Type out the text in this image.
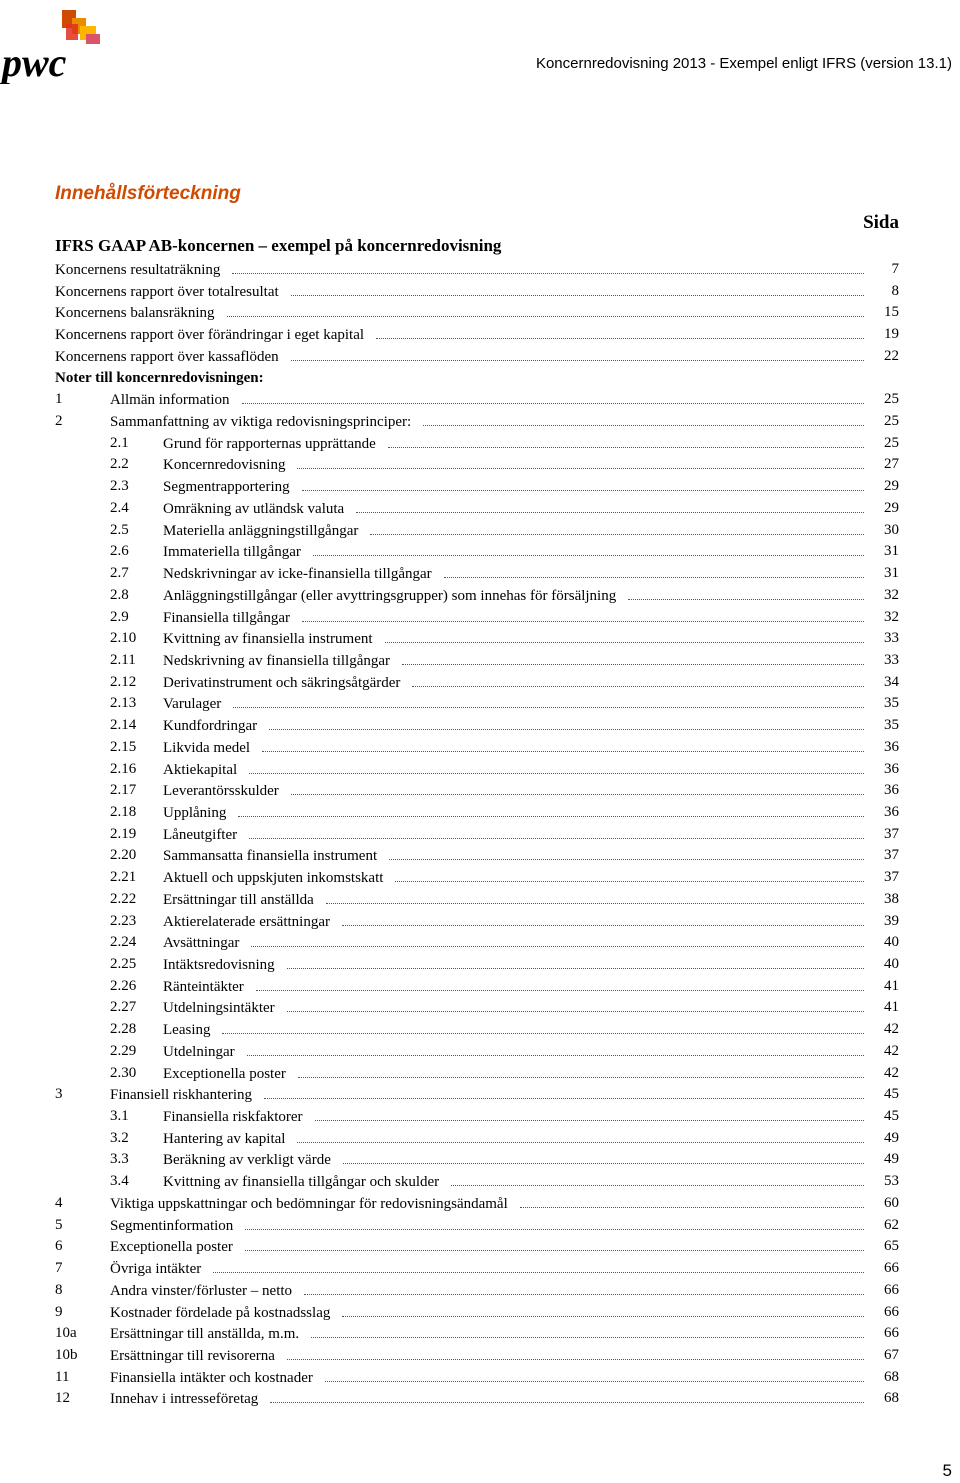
pwc	Koncernredovisning 2013 - Exempel enligt IFRS (version 13.1)
Innehållsförteckning
Sida
IFRS GAAP AB-koncernen – exempel på koncernredovisning
Koncernens resultaträkning	7
Koncernens rapport över totalresultat	8
Koncernens balansräkning	15
Koncernens rapport över förändringar i eget kapital	19
Koncernens rapport över kassaflöden	22
Noter till koncernredovisningen:
1	Allmän information	25
2	Sammanfattning av viktiga redovisningsprinciper:	25
2.1 Grund för rapporternas upprättande	25
2.2 Koncernredovisning	27
2.3 Segmentrapportering	29
2.4 Omräkning av utländsk valuta	29
2.5 Materiella anläggningstillgångar	30
2.6 Immateriella tillgångar	31
2.7 Nedskrivningar av icke-finansiella tillgångar	31
2.8 Anläggningstillgångar (eller avyttringsgrupper) som innehas för försäljning	32
2.9 Finansiella tillgångar	32
2.10 Kvittning av finansiella instrument	33
2.11 Nedskrivning av finansiella tillgångar	33
2.12 Derivatinstrument och säkringsåtgärder	34
2.13 Varulager	35
2.14 Kundfordringar	35
2.15 Likvida medel	36
2.16 Aktiekapital	36
2.17 Leverantörsskulder	36
2.18 Upplåning	36
2.19 Låneutgifter	37
2.20 Sammansatta finansiella instrument	37
2.21 Aktuell och uppskjuten inkomstskatt	37
2.22 Ersättningar till anställda	38
2.23 Aktierelaterade ersättningar	39
2.24 Avsättningar	40
2.25 Intäktsredovisning	40
2.26 Ränteintäkter	41
2.27 Utdelningsintäkter	41
2.28 Leasing	42
2.29 Utdelningar	42
2.30 Exceptionella poster	42
3	Finansiell riskhantering	45
3.1 Finansiella riskfaktorer	45
3.2 Hantering av kapital	49
3.3 Beräkning av verkligt värde	49
3.4 Kvittning av finansiella tillgångar och skulder	53
4	Viktiga uppskattningar och bedömningar för redovisningsändamål	60
5	Segmentinformation	62
6	Exceptionella poster	65
7	Övriga intäkter	66
8	Andra vinster/förluster – netto	66
9	Kostnader fördelade på kostnadsslag	66
10a Ersättningar till anställda, m.m.	66
10b Ersättningar till revisorerna	67
11	Finansiella intäkter och kostnader	68
12	Innehav i intresseföretag	68
5
